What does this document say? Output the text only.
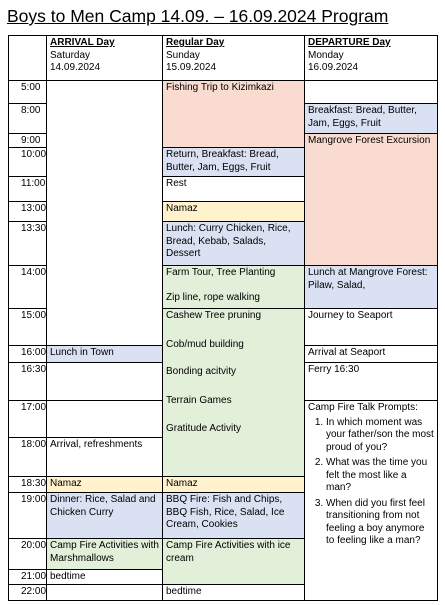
Boys to Men Camp 14.09. – 16.09.2024 Program
ARRIVAL Day
Saturday
14.09.2024
Regular Day
Sunday
15.09.2024
DEPARTURE Day
Monday
16.09.2024
5:00
8:00
9:00
10:00
11:00
13:00
13:30
14:00
15:00
16:00
16:30
17:00
18:00
18:30
19:00
20:00
21:00
22:00
Lunch in Town
Arrival, refreshments
Namaz
Dinner: Rice, Salad and Chicken Curry
Camp Fire Activities with Marshmallows
bedtime
Fishing Trip to Kizimkazi
Return, Breakfast: Bread, Butter, Jam, Eggs, Fruit
Rest
Namaz
Lunch: Curry Chicken, Rice, Bread, Kebab, Salads, Dessert
Farm Tour, Tree Planting
Zip line, rope walking
Cashew Tree pruning
Cob/mud building
Bonding acitvity
Terrain Games
Gratitude Activity
Namaz
BBQ Fire: Fish and Chips, BBQ Fish, Rice, Salad, Ice Cream, Cookies
Camp Fire Activities with ice cream
bedtime
Breakfast: Bread, Butter, Jam, Eggs, Fruit
Mangrove Forest Excursion
Lunch at Mangrove Forest:
Pilaw, Salad,
Journey to Seaport
Arrival at Seaport
Ferry 16:30
Camp Fire Talk Prompts:
1. In which moment was your father/son the most proud of you?
2. What was the time you felt the most like a man?
3. When did you first feel transitioning from not feeling a boy anymore to feeling like a man?
